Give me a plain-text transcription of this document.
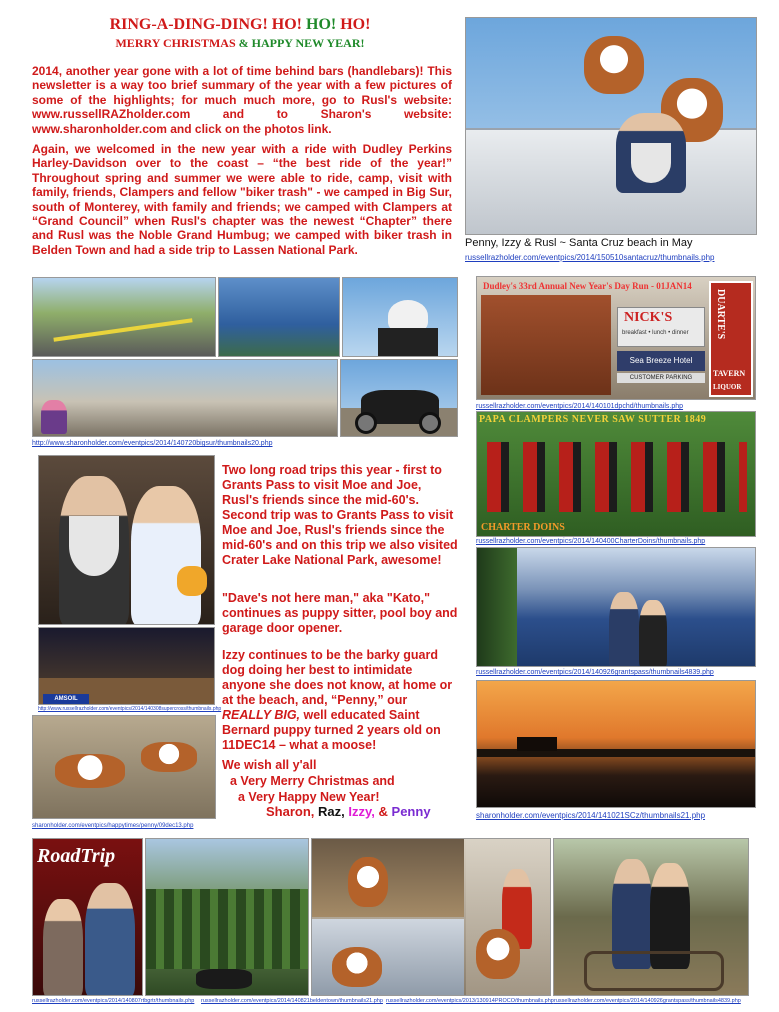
RING-A-DING-DING! HO! HO! HO!
MERRY CHRISTMAS & HAPPY NEW YEAR!
2014, another year gone with a lot of time behind bars (handlebars)! This newsletter is a way too brief summary of the year with a few pictures of some of the highlights; for much much more, go to Rusl's website: www.russellRAZholder.com and to Sharon's website: www.sharonholder.com and click on the photos link.
Again, we welcomed in the new year with a ride with Dudley Perkins Harley-Davidson over to the coast – “the best ride of the year!” Throughout spring and summer we were able to ride, camp, visit with family, friends, Clampers and fellow "biker trash" - we camped in Big Sur, south of Monterey, with family and friends; we camped with Clampers at “Grand Council” when Rusl's chapter was the newest “Chapter” there and Rusl was the Noble Grand Humbug; we camped with biker trash in Belden Town and had a side trip to Lassen National Park.	Penny, Izzy & Rusl ~ Santa Cruz beach in May
russellrazholder.com/eventpics/2014/150510santacruz/thumbnails.php
http://www.sharonholder.com/eventpics/2014/140720bigsur/thumbnails20.php
Dudley's 33rd Annual New Year's Day Run - 01JAN14
NICK'S
breakfast • lunch • dinner
Sea Breeze Hotel
CUSTOMER PARKING
DUARTE'S
TAVERN
LIQUOR
russellrazholder.com/eventpics/2014/140101dpchd/thumbnails.php
PAPA CLAMPERS NEVER SAW SUTTER 1849
CHARTER DOINS
russellrazholder.com/eventpics/2014/140400CharterDoins/thumbnails.php
russellrazholder.com/eventpics/2014/140926grantspass/thumbnails4839.php
sharonholder.com/eventpics/2014/141021SCz/thumbnails21.php
AMSOIL
http://www.russellrazholder.com/eventpics/2014/140308supercross/thumbnails.php
sharonholder.com/eventpics/happytimes/penny/09dec13.php
Two long road trips this year - first to Grants Pass to visit Moe and Joe, Rusl's friends since the mid-60's. Second trip was to Grants Pass to visit Moe and Joe, Rusl's friends since the mid-60's and on this trip we also visited Crater Lake National Park, awesome!
"Dave's not here man," aka "Kato," continues as puppy sitter, pool boy and garage door opener.
Izzy continues to be the barky guard dog doing her best to intimidate anyone she does not know, at home or at the beach, and, “Penny,” our REALLY BIG, well educated Saint Bernard puppy turned 2 years old on 11DEC14 – what a moose!
We wish all y'all
a Very Merry Christmas and
a Very Happy New Year!
Sharon, Raz, Izzy, & Penny
RoadTrip
russellrazholder.com/eventpics/2014/140807rtbgrtr/thumbnails.php russellrazholder.com/eventpics/2014/140821beldentown/thumbnails21.php russellrazholder.com/eventpics/2013/130914PROCO/thumbnails.php russellrazholder.com/eventpics/2014/140926grantspass/thumbnails4839.php
